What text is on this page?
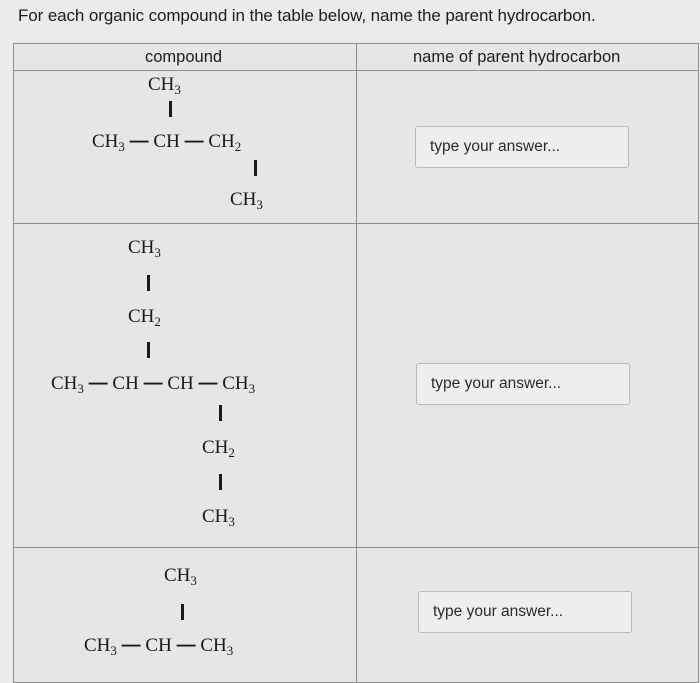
For each organic compound in the table below, name the parent hydrocarbon.
compound	name of parent hydrocarbon
$CH_3$
$CH_3$ — CH — $CH_2$
$CH_3$
type your answer...
$CH_3$
$CH_2$
$CH_3$ — CH — CH — $CH_3$
$CH_2$
$CH_3$
type your answer...
$CH_3$
$CH_3$ — CH — $CH_3$
type your answer...
